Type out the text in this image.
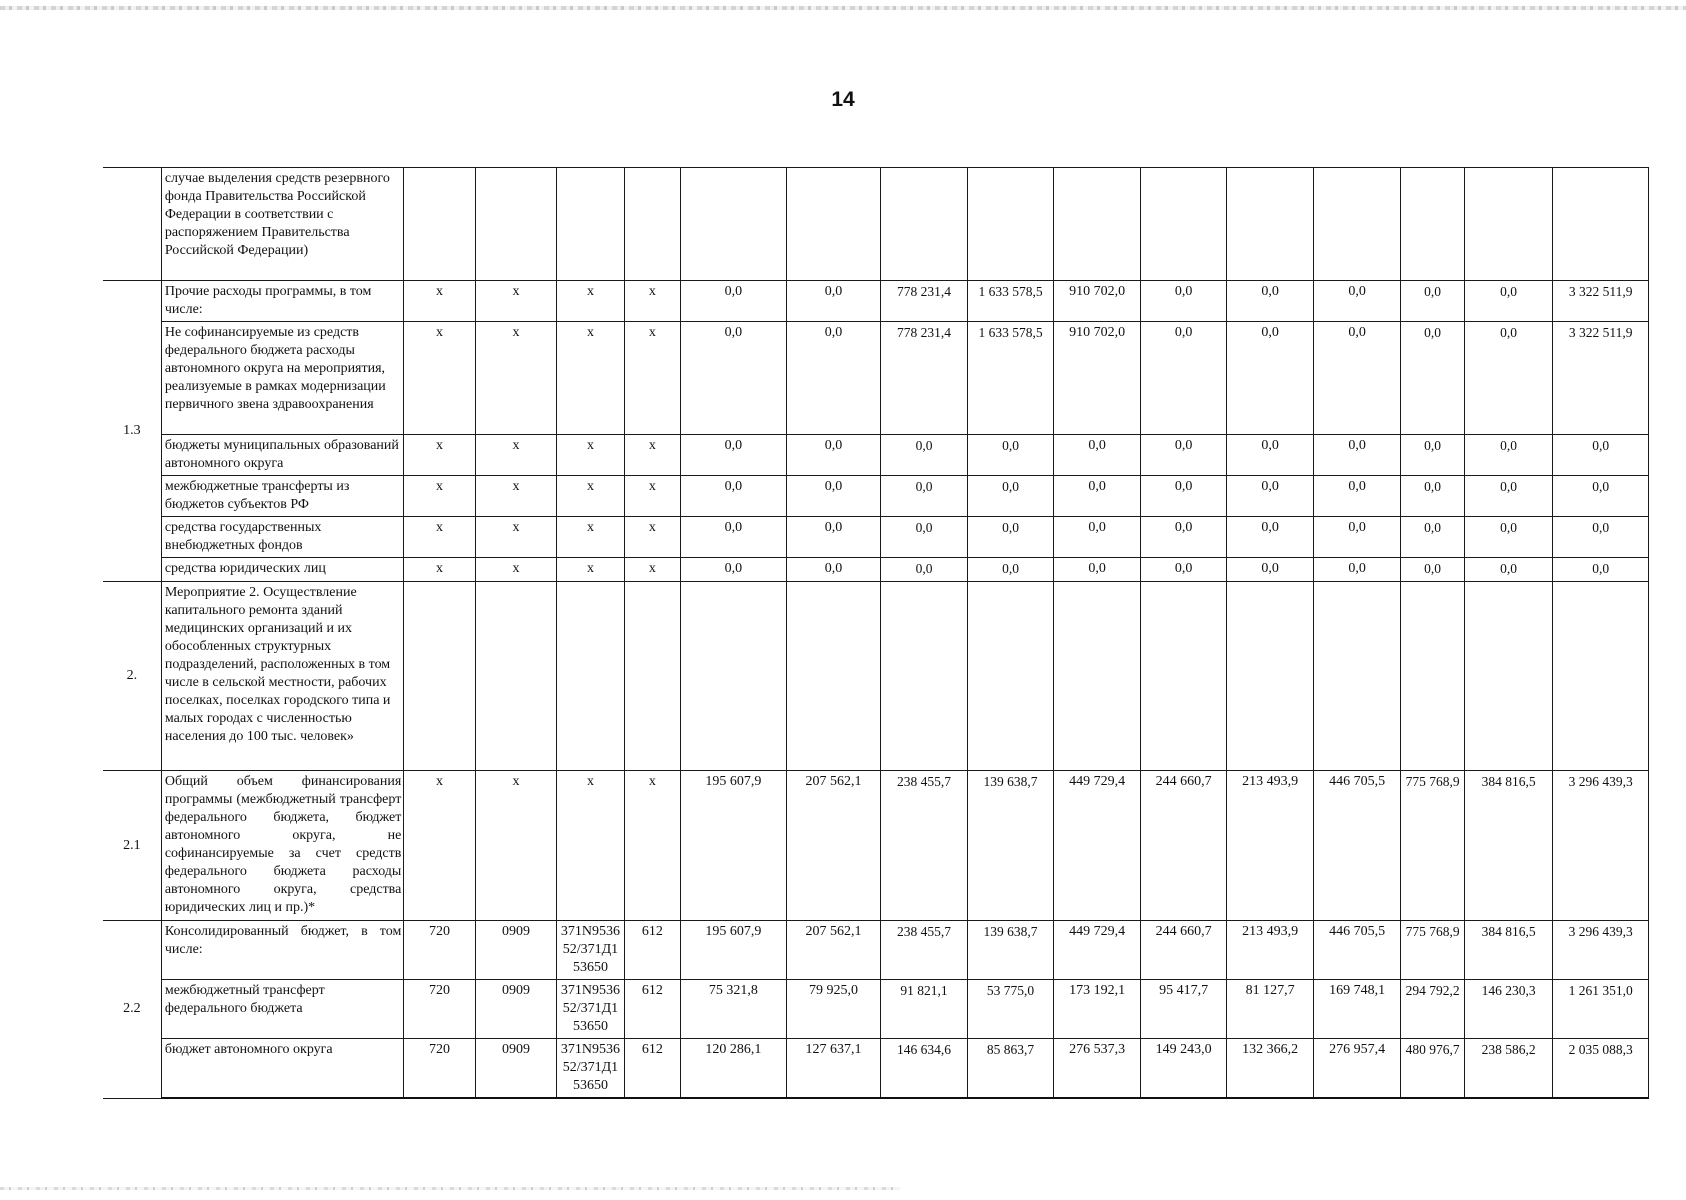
14

	случае выделения средств резервного фонда Правительства Российской Федерации в соответствии с распоряжением Правительства Российской Федерации)															

1.3	Прочие расходы программы, в том числе:	x	x	x	x	0,0	0,0	778 231,4	1 633 578,5	910 702,0	0,0	0,0	0,0	0,0	0,0	3 322 511,9

	Не софинансируемые из средств федерального бюджета расходы автономного округа на мероприятия, реализуемые в рамках модернизации первичного звена здравоохранения	x	x	x	x	0,0	0,0	778 231,4	1 633 578,5	910 702,0	0,0	0,0	0,0	0,0	0,0	3 322 511,9

	бюджеты муниципальных образований автономного округа	x	x	x	x	0,0	0,0	0,0	0,0	0,0	0,0	0,0	0,0	0,0	0,0	0,0

	межбюджетные трансферты из бюджетов субъектов РФ	x	x	x	x	0,0	0,0	0,0	0,0	0,0	0,0	0,0	0,0	0,0	0,0	0,0

	средства государственных внебюджетных фондов	x	x	x	x	0,0	0,0	0,0	0,0	0,0	0,0	0,0	0,0	0,0	0,0	0,0

	средства юридических лиц	x	x	x	x	0,0	0,0	0,0	0,0	0,0	0,0	0,0	0,0	0,0	0,0	0,0

2.	Мероприятие 2. Осуществление капитального ремонта зданий медицинских организаций и их обособленных структурных подразделений, расположенных в том числе в сельской местности, рабочих поселках, поселках городского типа и малых городах с численностью населения до 100 тыс. человек»															

2.1	Общий объем финансирования программы (межбюджетный трансферт федерального бюджета, бюджет автономного округа, не софинансируемые за счет средств федерального бюджета расходы автономного округа, средства юридических лиц и пр.)*	x	x	x	x	195 607,9	207 562,1	238 455,7	139 638,7	449 729,4	244 660,7	213 493,9	446 705,5	775 768,9	384 816,5	3 296 439,3

2.2	Консолидированный бюджет, в том числе:	720	0909	371N9536 52/371Д1 53650	612	195 607,9	207 562,1	238 455,7	139 638,7	449 729,4	244 660,7	213 493,9	446 705,5	775 768,9	384 816,5	3 296 439,3

	межбюджетный трансферт федерального бюджета	720	0909	371N9536 52/371Д1 53650	612	75 321,8	79 925,0	91 821,1	53 775,0	173 192,1	95 417,7	81 127,7	169 748,1	294 792,2	146 230,3	1 261 351,0

	бюджет автономного округа	720	0909	371N9536 52/371Д1 53650	612	120 286,1	127 637,1	146 634,6	85 863,7	276 537,3	149 243,0	132 366,2	276 957,4	480 976,7	238 586,2	2 035 088,3
